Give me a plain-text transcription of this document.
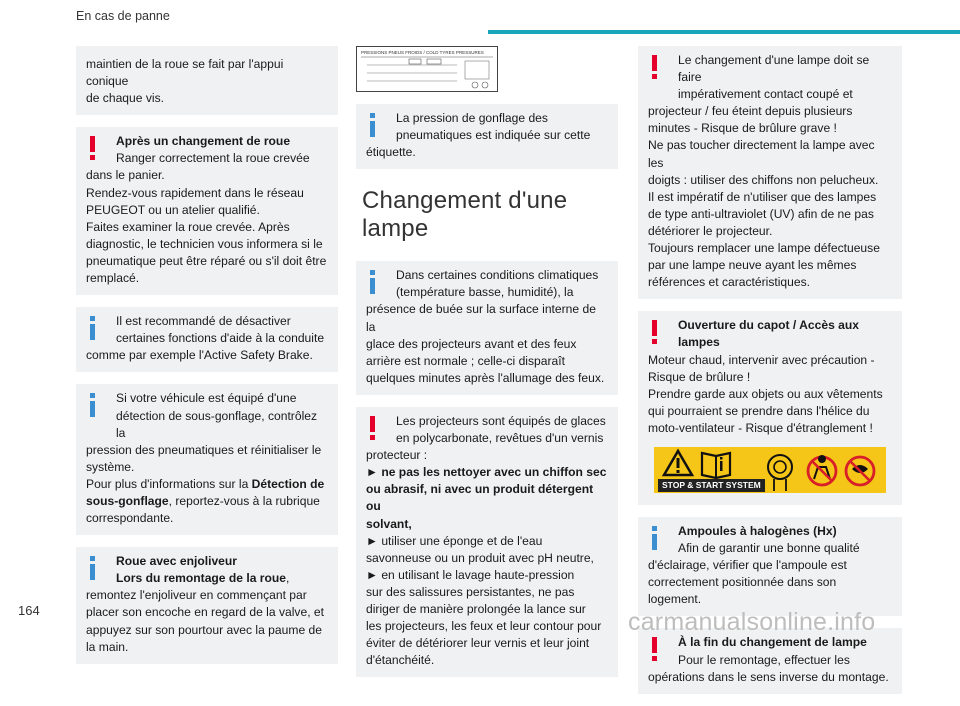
En cas de panne
maintien de la roue se fait par l'appui conique
de chaque vis.
Après un changement de roue
Ranger correctement la roue crevée
dans le panier.
Rendez-vous rapidement dans le réseau
PEUGEOT ou un atelier qualifié.
Faites examiner la roue crevée. Après
diagnostic, le technicien vous informera si le
pneumatique peut être réparé ou s'il doit être
remplacé.
Il est recommandé de désactiver
certaines fonctions d'aide à la conduite
comme par exemple l'Active Safety Brake.
Si votre véhicule est équipé d'une
détection de sous-gonflage, contrôlez la
pression des pneumatiques et réinitialiser le
système.
Pour plus d'informations sur la Détection de
sous-gonflage, reportez-vous à la rubrique
correspondante.
Roue avec enjoliveur
Lors du remontage de la roue,
remontez l'enjoliveur en commençant par
placer son encoche en regard de la valve, et
appuyez sur son pourtour avec la paume de
la main.
PRESSIONS PNEUS FROIDS / COLD TYRES PRESSURES
La pression de gonflage des
pneumatiques est indiquée sur cette
étiquette.
Changement d'une lampe
Dans certaines conditions climatiques
(température basse, humidité), la
présence de buée sur la surface interne de la
glace des projecteurs avant et des feux
arrière est normale ; celle-ci disparaît
quelques minutes après l'allumage des feux.
Les projecteurs sont équipés de glaces
en polycarbonate, revêtues d'un vernis
protecteur :
► ne pas les nettoyer avec un chiffon sec
ou abrasif, ni avec un produit détergent ou
solvant,
► utiliser une éponge et de l'eau
savonneuse ou un produit avec pH neutre,
► en utilisant le lavage haute-pression
sur des salissures persistantes, ne pas
diriger de manière prolongée la lance sur
les projecteurs, les feux et leur contour pour
éviter de détériorer leur vernis et leur joint
d'étanchéité.
Le changement d'une lampe doit se faire
impérativement contact coupé et
projecteur / feu éteint depuis plusieurs
minutes - Risque de brûlure grave !
Ne pas toucher directement la lampe avec les
doigts : utiliser des chiffons non pelucheux.
Il est impératif de n'utiliser que des lampes
de type anti-ultraviolet (UV) afin de ne pas
détériorer le projecteur.
Toujours remplacer une lampe défectueuse
par une lampe neuve ayant les mêmes
références et caractéristiques.
Ouverture du capot / Accès aux
lampes
Moteur chaud, intervenir avec précaution -
Risque de brûlure !
Prendre garde aux objets ou aux vêtements
qui pourraient se prendre dans l'hélice du
moto-ventilateur - Risque d'étranglement !
STOP & START SYSTEM
Ampoules à halogènes (Hx)
Afin de garantir une bonne qualité
d'éclairage, vérifier que l'ampoule est
correctement positionnée dans son logement.
À la fin du changement de lampe
Pour le remontage, effectuer les
opérations dans le sens inverse du montage.
164	carmanualsonline.info
